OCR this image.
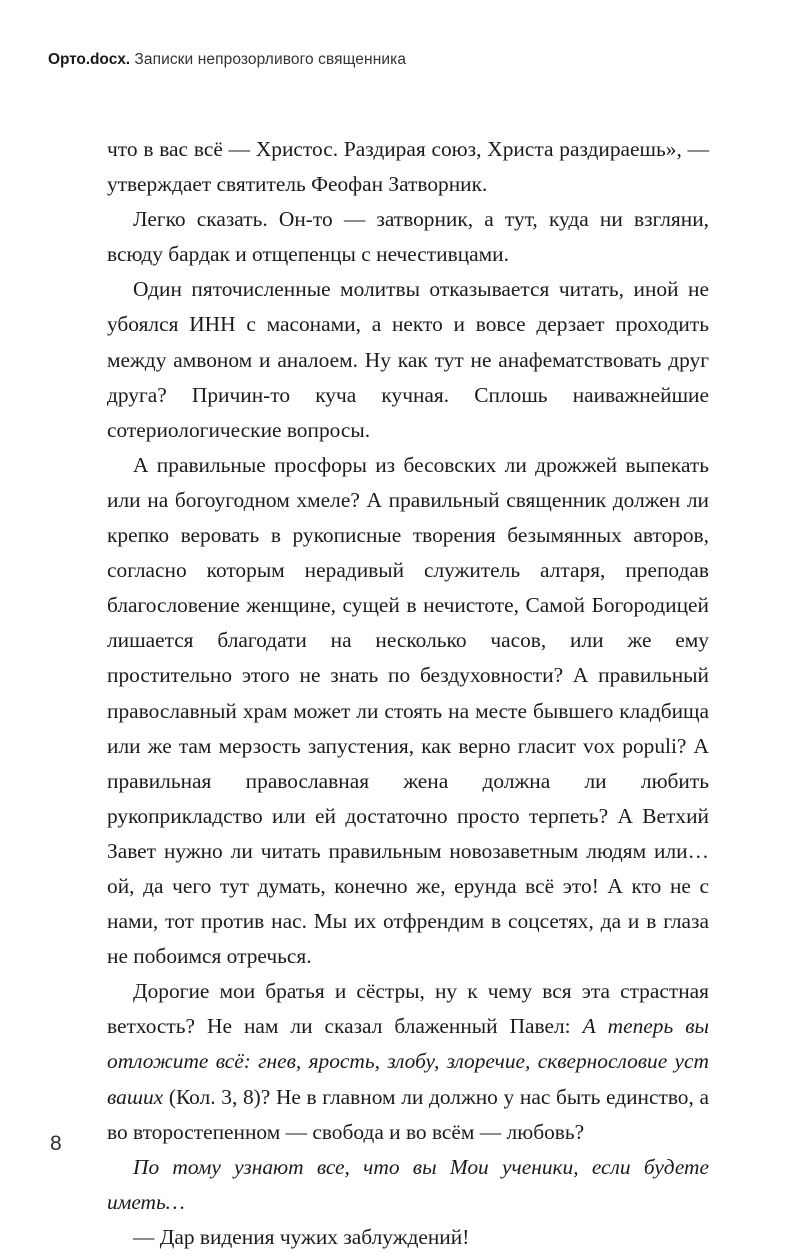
Орто.docx. Записки непрозорливого священника

что в вас всё — Христос. Раздирая союз, Христа раздираешь», — утверждает святитель Феофан Затворник.

Легко сказать. Он-то — затворник, а тут, куда ни взгляни, всюду бардак и отщепенцы с нечестивцами.

Один пяточисленные молитвы отказывается читать, иной не убоялся ИНН с масонами, а некто и вовсе дерзает проходить между амвоном и аналоем. Ну как тут не анафематствовать друг друга? Причин-то куча кучная. Сплошь наиважнейшие сотериологические вопросы.

А правильные просфоры из бесовских ли дрожжей выпекать или на богоугодном хмеле? А правильный священник должен ли крепко веровать в рукописные творения безымянных авторов, согласно которым нерадивый служитель алтаря, преподав благословение женщине, сущей в нечистоте, Самой Богородицей лишается благодати на несколько часов, или же ему простительно этого не знать по бездуховности? А правильный православный храм может ли стоять на месте бывшего кладбища или же там мерзость запустения, как верно гласит vox populi? А правильная православная жена должна ли любить рукоприкладство или ей достаточно просто терпеть? А Ветхий Завет нужно ли читать правильным новозаветным людям или… ой, да чего тут думать, конечно же, ерунда всё это! А кто не с нами, тот против нас. Мы их отфрендим в соцсетях, да и в глаза не побоимся отречься.

Дорогие мои братья и сёстры, ну к чему вся эта страстная ветхость? Не нам ли сказал блаженный Павел: А теперь вы отложите всё: гнев, ярость, злобу, злоречие, сквернословие уст ваших (Кол. 3, 8)? Не в главном ли должно у нас быть единство, а во второстепенном — свобода и во всём — любовь?

По тому узнают все, что вы Мои ученики, если будете иметь…

— Дар видения чужих заблуждений!

8
